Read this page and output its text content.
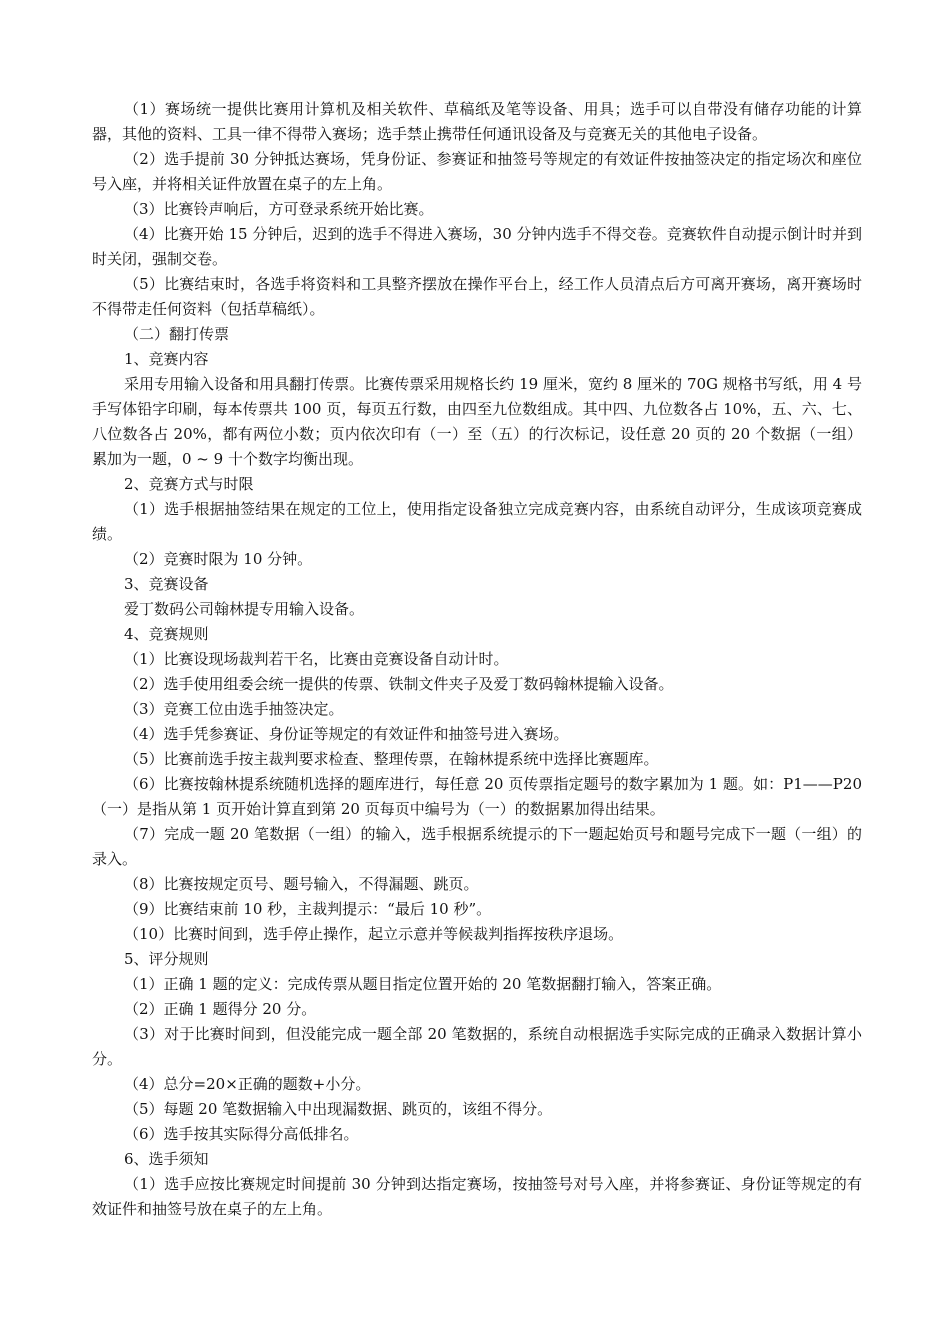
（1）赛场统一提供比赛用计算机及相关软件、草稿纸及笔等设备、用具；选手可以自带没有储存功能的计算器，其他的资料、工具一律不得带入赛场；选手禁止携带任何通讯设备及与竞赛无关的其他电子设备。

（2）选手提前 30 分钟抵达赛场，凭身份证、参赛证和抽签号等规定的有效证件按抽签决定的指定场次和座位号入座，并将相关证件放置在桌子的左上角。

（3）比赛铃声响后，方可登录系统开始比赛。

（4）比赛开始 15 分钟后，迟到的选手不得进入赛场，30 分钟内选手不得交卷。竞赛软件自动提示倒计时并到时关闭，强制交卷。

（5）比赛结束时，各选手将资料和工具整齐摆放在操作平台上，经工作人员清点后方可离开赛场，离开赛场时不得带走任何资料（包括草稿纸）。

（二）翻打传票

1、竞赛内容

采用专用输入设备和用具翻打传票。比赛传票采用规格长约 19 厘米，宽约 8 厘米的 70G 规格书写纸，用 4 号手写体铅字印刷，每本传票共 100 页，每页五行数，由四至九位数组成。其中四、九位数各占 10%，五、六、七、八位数各占 20%，都有两位小数；页内依次印有（一）至（五）的行次标记，设任意 20 页的 20 个数据（一组）累加为一题，0 ~ 9 十个数字均衡出现。

2、竞赛方式与时限

（1）选手根据抽签结果在规定的工位上，使用指定设备独立完成竞赛内容，由系统自动评分，生成该项竞赛成绩。

（2）竞赛时限为 10 分钟。

3、竞赛设备

爱丁数码公司翰林提专用输入设备。

4、竞赛规则

（1）比赛设现场裁判若干名，比赛由竞赛设备自动计时。

（2）选手使用组委会统一提供的传票、铁制文件夹子及爱丁数码翰林提输入设备。

（3）竞赛工位由选手抽签决定。

（4）选手凭参赛证、身份证等规定的有效证件和抽签号进入赛场。

（5）比赛前选手按主裁判要求检查、整理传票，在翰林提系统中选择比赛题库。

（6）比赛按翰林提系统随机选择的题库进行，每任意 20 页传票指定题号的数字累加为 1 题。如：P1——P20（一）是指从第 1 页开始计算直到第 20 页每页中编号为（一）的数据累加得出结果。

（7）完成一题 20 笔数据（一组）的输入，选手根据系统提示的下一题起始页号和题号完成下一题（一组）的录入。

（8）比赛按规定页号、题号输入，不得漏题、跳页。

（9）比赛结束前 10 秒，主裁判提示：“最后 10 秒”。

（10）比赛时间到，选手停止操作，起立示意并等候裁判指挥按秩序退场。

5、评分规则

（1）正确 1 题的定义：完成传票从题目指定位置开始的 20 笔数据翻打输入，答案正确。

（2）正确 1 题得分 20 分。

（3）对于比赛时间到，但没能完成一题全部 20 笔数据的，系统自动根据选手实际完成的正确录入数据计算小分。

（4）总分=20×正确的题数+小分。

（5）每题 20 笔数据输入中出现漏数据、跳页的，该组不得分。

（6）选手按其实际得分高低排名。

6、选手须知

（1）选手应按比赛规定时间提前 30 分钟到达指定赛场，按抽签号对号入座，并将参赛证、身份证等规定的有效证件和抽签号放在桌子的左上角。
